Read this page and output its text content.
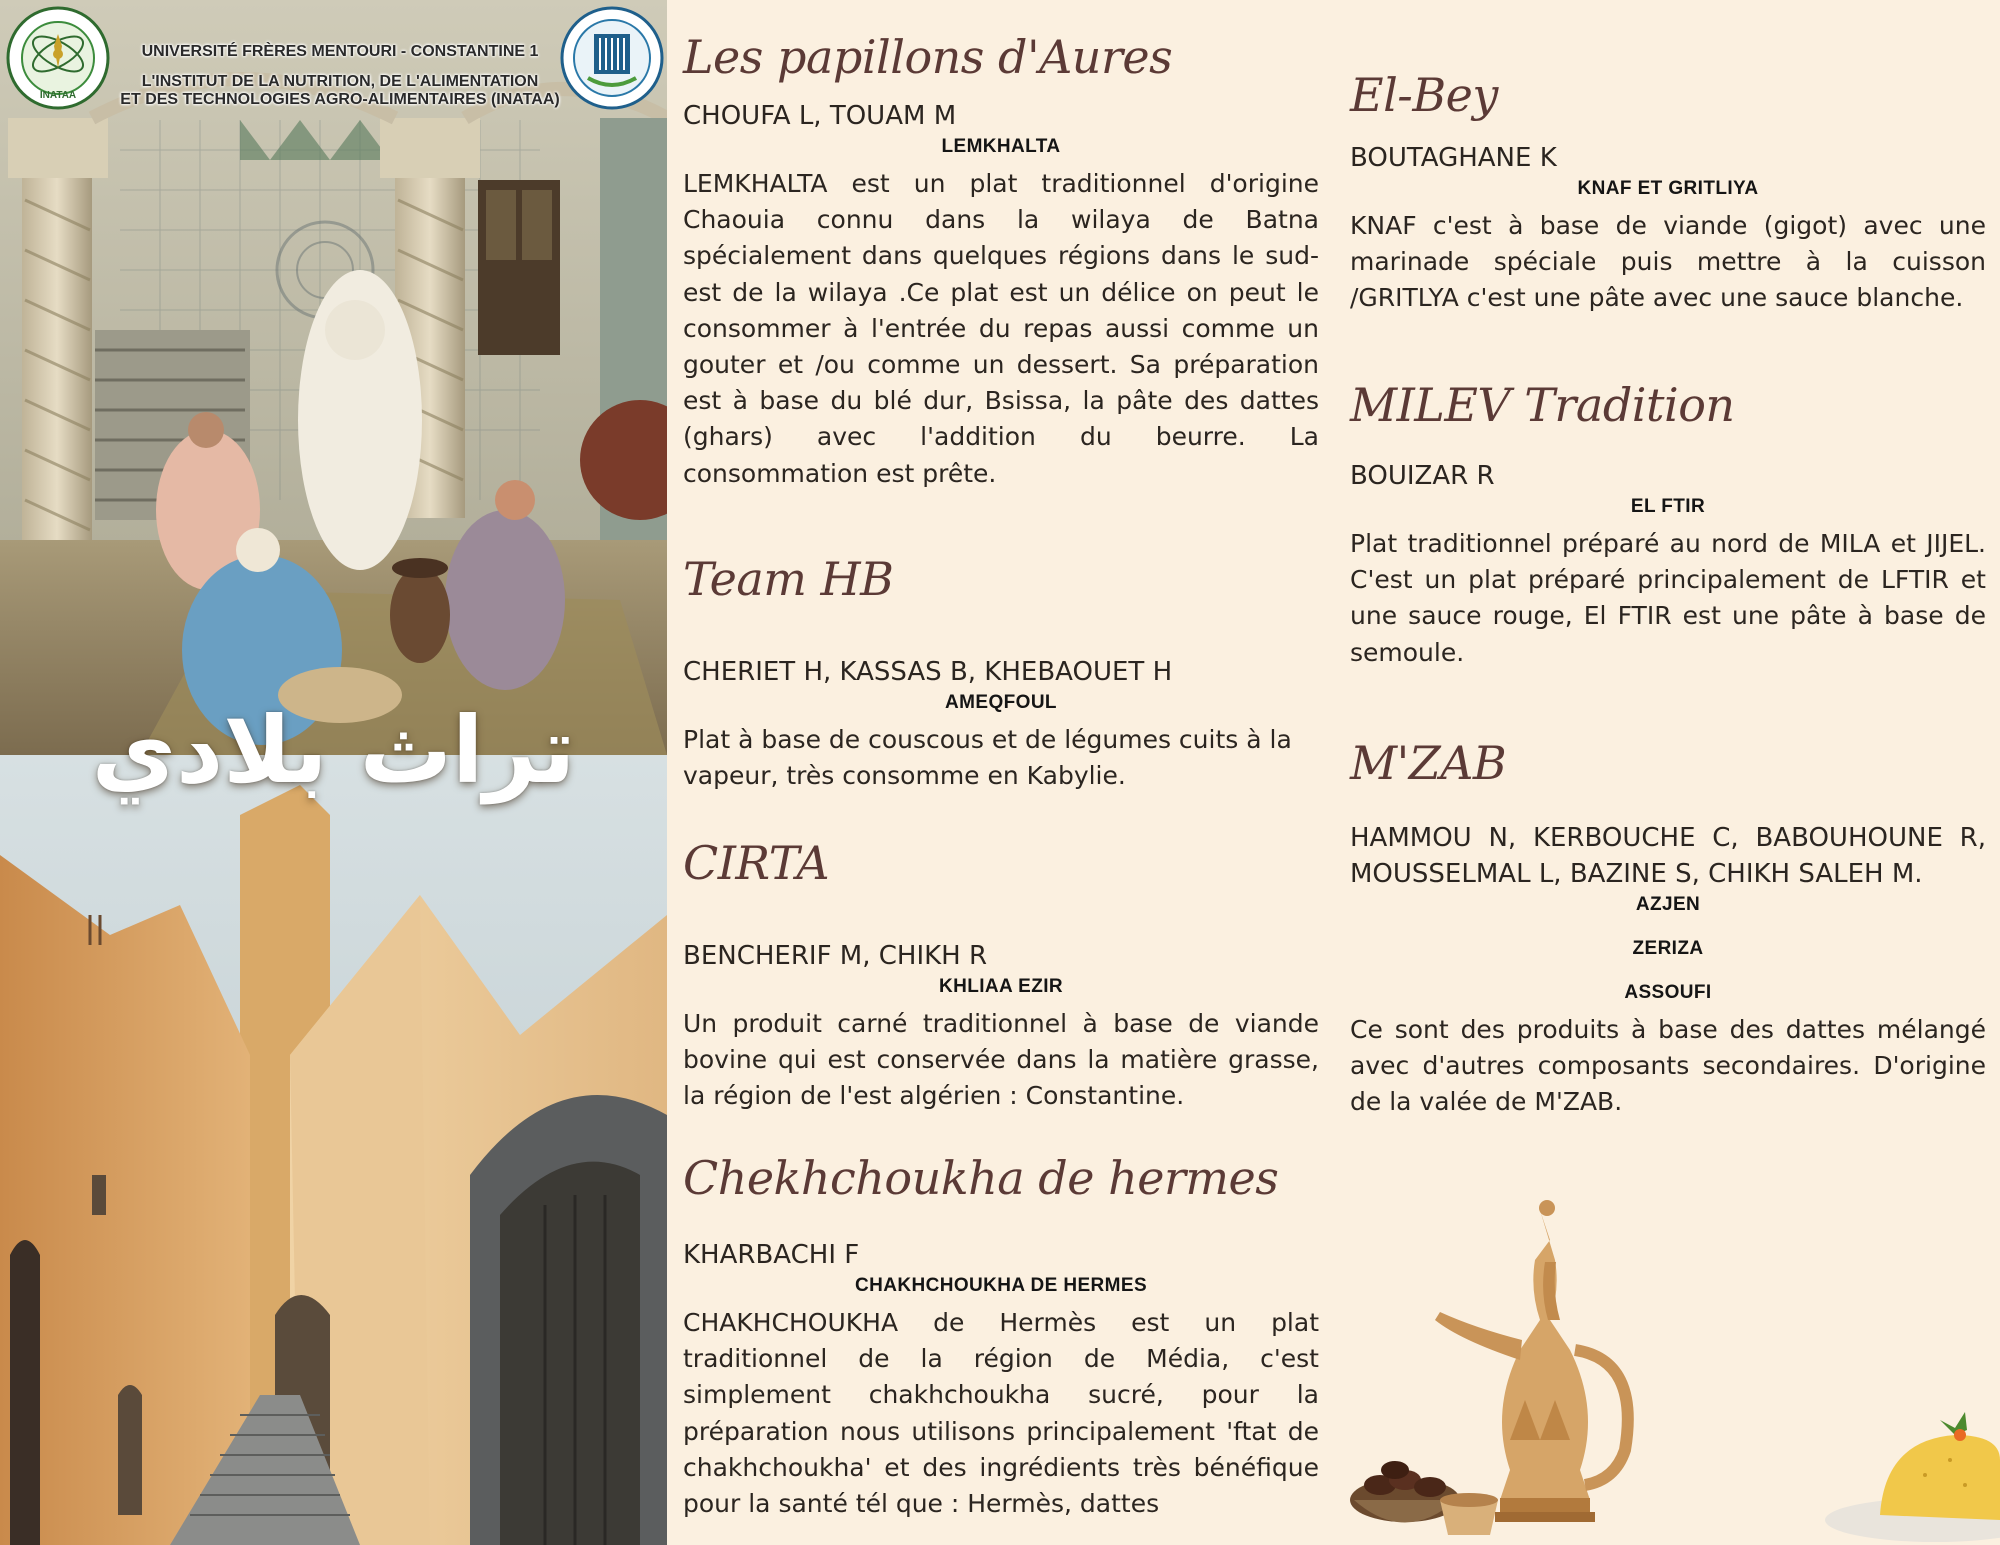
INATAA
UNIVERSITÉ FRÈRES MENTOURI - CONSTANTINE 1
L'INSTITUT DE LA NUTRITION, DE L'ALIMENTATION
ET DES TECHNOLOGIES AGRO-ALIMENTAIRES (INATAA)
تراث بلادي
Les papillons d'Aures
CHOUFA L, TOUAM M
LEMKHALTA
LEMKHALTA est un plat traditionnel d'origine Chaouia connu dans la wilaya de Batna spécialement dans quelques régions dans le sud-est de la wilaya .Ce plat est un délice on peut le consommer à l'entrée du repas aussi comme un gouter et /ou comme un dessert. Sa préparation est à base du blé dur, Bsissa, la pâte des dattes (ghars) avec l'addition du beurre. La consommation est prête.
Team HB
CHERIET H, KASSAS B, KHEBAOUET H
AMEQFOUL
Plat à base de couscous et de légumes cuits à la vapeur, très consomme en Kabylie.
CIRTA
BENCHERIF M, CHIKH R
KHLIAA EZIR
Un produit carné traditionnel à base de viande bovine qui est conservée dans la matière grasse, la région de l'est algérien : Constantine.
Chekhchoukha de hermes
KHARBACHI F
CHAKHCHOUKHA DE HERMES
CHAKHCHOUKHA de Hermès est un plat traditionnel de la région de Média, c'est simplement chakhchoukha sucré, pour la préparation nous utilisons principalement 'ftat de chakhchoukha' et des ingrédients très bénéfique pour la santé tél que : Hermès, dattes
El-Bey
BOUTAGHANE K
KNAF ET GRITLIYA
KNAF c'est à base de viande (gigot) avec une marinade spéciale puis mettre à la cuisson /GRITLYA c'est une pâte avec une sauce blanche.
MILEV Tradition
BOUIZAR R
EL FTIR
Plat traditionnel préparé au nord de MILA et JIJEL. C'est un plat préparé principalement de LFTIR et une sauce rouge, El FTIR est une pâte à base de semoule.
M'ZAB
HAMMOU N, KERBOUCHE C, BABOUHOUNE R, MOUSSELMAL L, BAZINE S, CHIKH SALEH M.
AZJEN
ZERIZA
ASSOUFI
Ce sont des produits à base des dattes mélangé avec d'autres composants secondaires. D'origine de la valée de M'ZAB.
